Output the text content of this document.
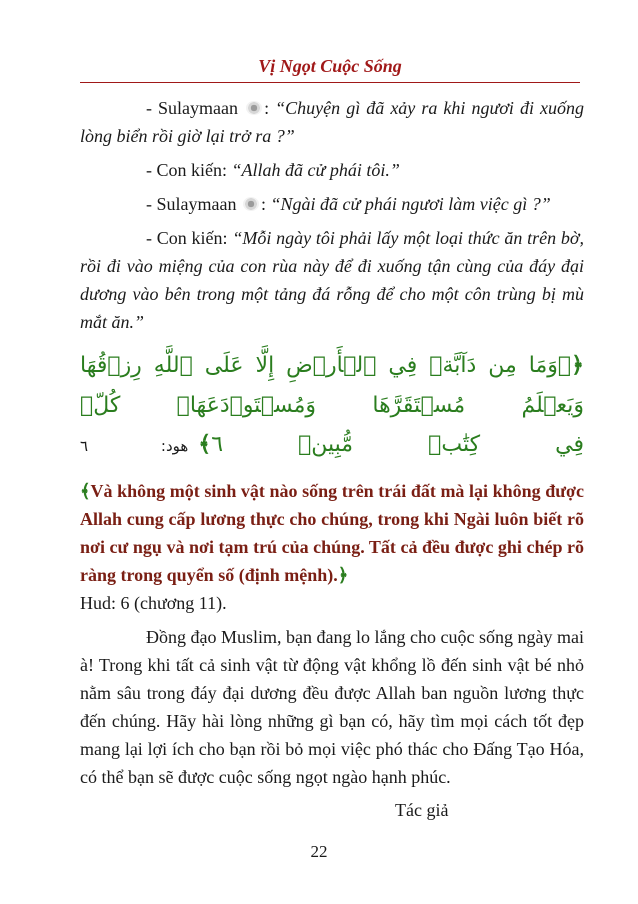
Vị Ngọt Cuộc Sống

- Sulaymaan : “Chuyện gì đã xảy ra khi ngươi đi xuống lòng biển rồi giờ lại trở ra ?”

- Con kiến: “Allah đã cử phái tôi.”

- Sulaymaan : “Ngài đã cử phái ngươi làm việc gì ?”

- Con kiến: “Mỗi ngày tôi phải lấy một loại thức ăn trên bờ, rồi đi vào miệng của con rùa này để đi xuống tận cùng của đáy đại dương vào bên trong một tảng đá rỗng để cho một côn trùng bị mù mắt ăn.”

﴿۞وَمَا مِن دَآبَّةٖ فِي ٱلۡأَرۡضِ إِلَّا عَلَى ٱللَّهِ رِزۡقُهَا وَيَعۡلَمُ مُسۡتَقَرَّهَا وَمُسۡتَوۡدَعَهَاۚ كُلّٞ
فِي كِتَٰبٖ مُّبِينٖ ٦﴾هود: ٦

﴾Và không một sinh vật nào sống trên trái đất mà lại không được Allah cung cấp lương thực cho chúng, trong khi Ngài luôn biết rõ nơi cư ngụ và nơi tạm trú của chúng. Tất cả đều được ghi chép rõ ràng trong quyển số (định mệnh).﴿
Hud: 6 (chương 11).

Đồng đạo Muslim, bạn đang lo lắng cho cuộc sống ngày mai à! Trong khi tất cả sinh vật từ động vật khổng lồ đến sinh vật bé nhỏ nằm sâu trong đáy đại dương đều được Allah ban nguồn lương thực đến chúng. Hãy hài lòng những gì bạn có, hãy tìm mọi cách tốt đẹp mang lại lợi ích cho bạn rồi bỏ mọi việc phó thác cho Đấng Tạo Hóa, có thể bạn sẽ được cuộc sống ngọt ngào hạnh phúc.

Tác giả
22
